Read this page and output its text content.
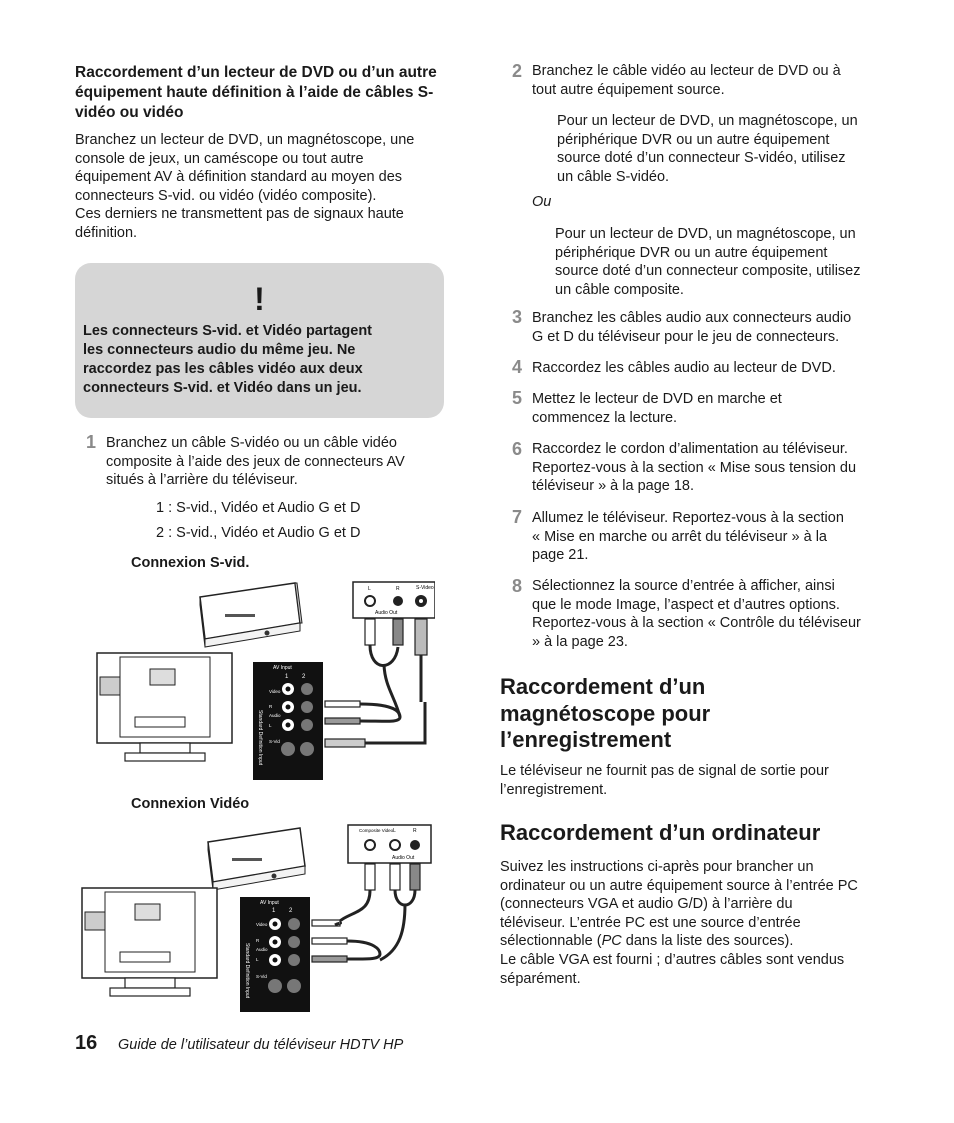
Raccordement d’un lecteur de DVD ou d’un autre équipement haute définition à l’aide de câbles S-vidéo ou vidéo
Branchez un lecteur de DVD, un magnétoscope, une
console de jeux, un caméscope ou tout autre
équipement AV à définition standard au moyen des
connecteurs S-vid. ou vidéo (vidéo composite).
Ces derniers ne transmettent pas de signaux haute
définition.
!
Les connecteurs S-vid. et Vidéo partagent
les connecteurs audio du même jeu. Ne
raccordez pas les câbles vidéo aux deux
connecteurs S-vid. et Vidéo dans un jeu.
1 Branchez un câble S-vidéo ou un câble vidéo
composite à l’aide des jeux de connecteurs AV
situés à l’arrière du téléviseur.
1 : S-vid., Vidéo et Audio G et D
2 : S-vid., Vidéo et Audio G et D
Connexion S-vid.
L	R	S-Video
Audio Out
AV Input
Standard Definition Input
Video
R
Audio
L
S-Vid
1 2
Connexion Vidéo
Composite Video L	R
Audio Out
AV Input
Standard Definition Input
Video
R
Audio
L
S-Vid
1 2
2 Branchez le câble vidéo au lecteur de DVD ou à
tout autre équipement source.
Pour un lecteur de DVD, un magnétoscope, un
périphérique DVR ou un autre équipement
source doté d’un connecteur S-vidéo, utilisez
un câble S-vidéo.
Ou
Pour un lecteur de DVD, un magnétoscope, un
périphérique DVR ou un autre équipement
source doté d’un connecteur composite, utilisez
un câble composite.
3 Branchez les câbles audio aux connecteurs audio
G et D du téléviseur pour le jeu de connecteurs.
4 Raccordez les câbles audio au lecteur de DVD.
5 Mettez le lecteur de DVD en marche et
commencez la lecture.
6 Raccordez le cordon d’alimentation au téléviseur.
Reportez-vous à la section « Mise sous tension du
téléviseur » à la page 18.
7 Allumez le téléviseur. Reportez-vous à la section
« Mise en marche ou arrêt du téléviseur » à la
page 21.
8 Sélectionnez la source d’entrée à afficher, ainsi
que le mode Image, l’aspect et d’autres options.
Reportez-vous à la section « Contrôle du téléviseur
» à la page 23.
Raccordement d’un
magnétoscope pour
l’enregistrement
Le téléviseur ne fournit pas de signal de sortie pour
l’enregistrement.
Raccordement d’un ordinateur
Suivez les instructions ci-après pour brancher un
ordinateur ou un autre équipement source à l’entrée PC
(connecteurs VGA et audio G/D) à l’arrière du
téléviseur. L’entrée PC est une source d’entrée
sélectionnable (PC dans la liste des sources).
Le câble VGA est fourni ; d’autres câbles sont vendus
séparément.
16 Guide de l’utilisateur du téléviseur HDTV HP
